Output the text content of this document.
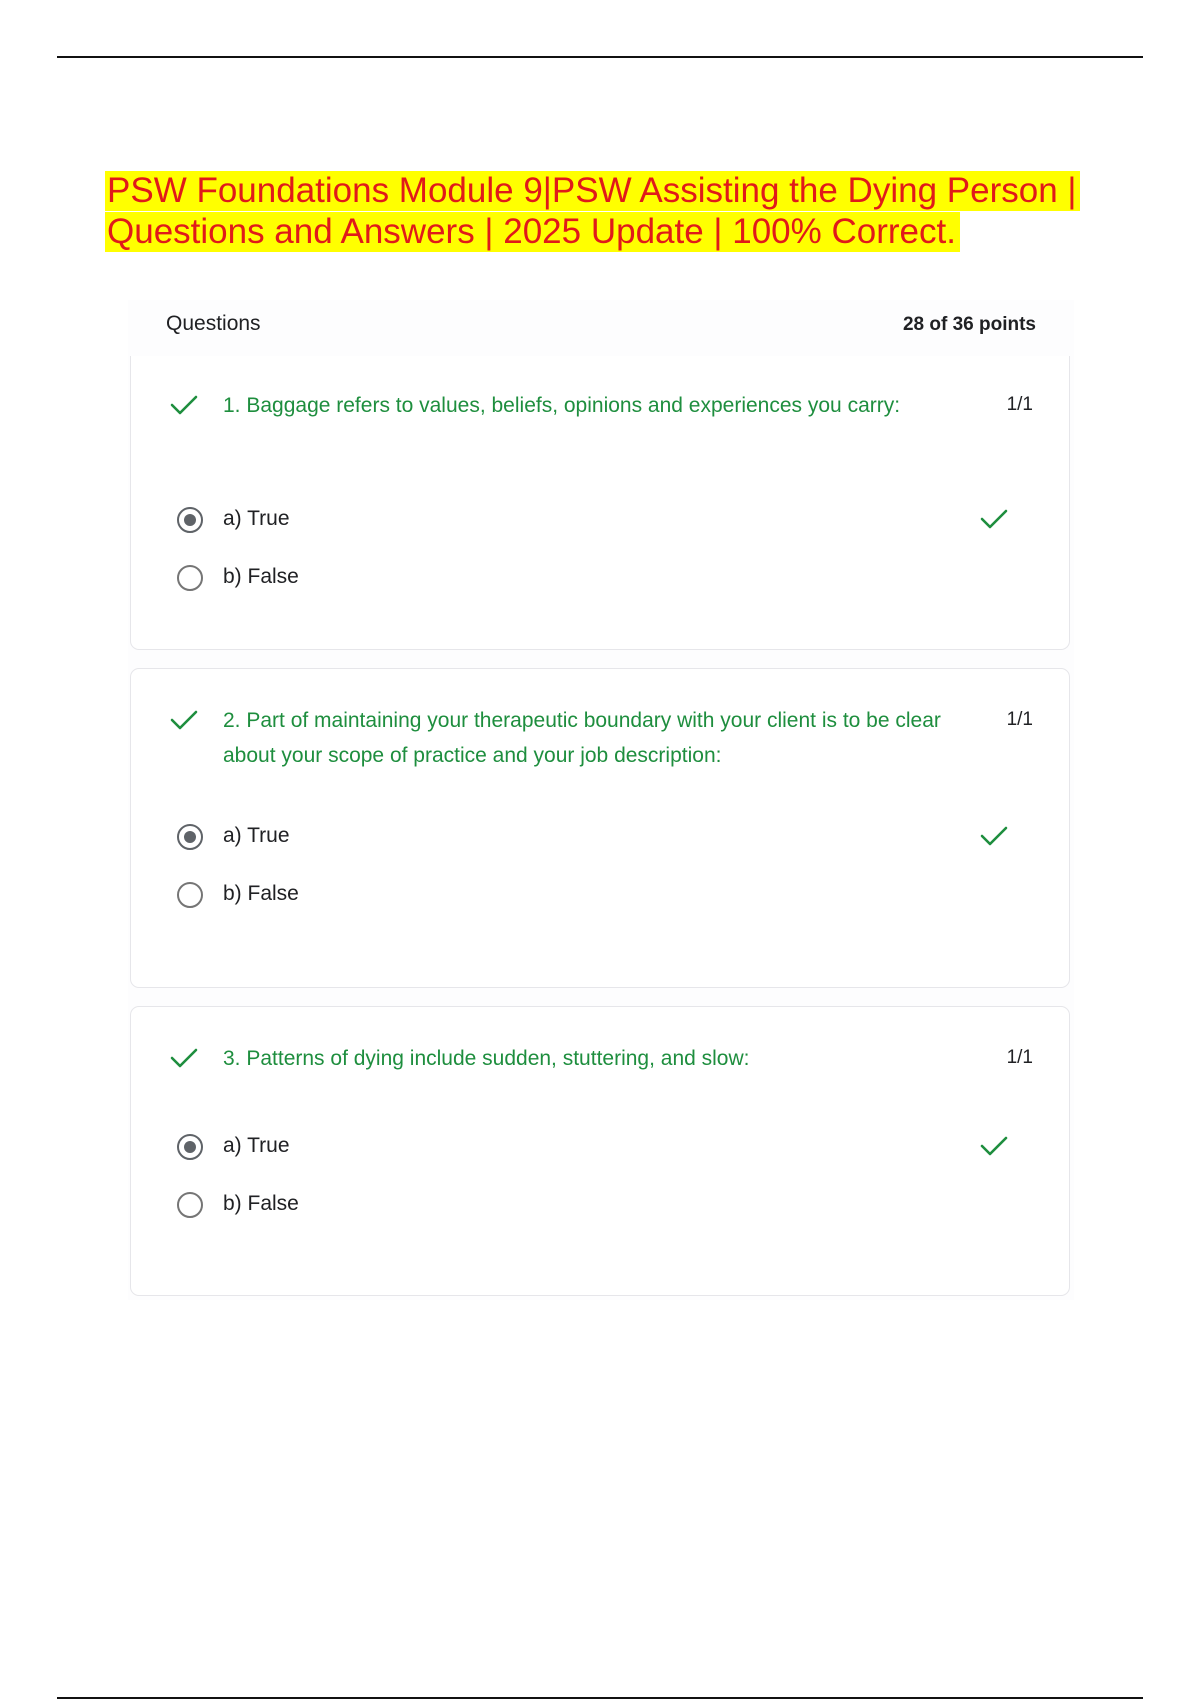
PSW Foundations Module 9|PSW Assisting the Dying Person |
Questions and Answers | 2025 Update | 100% Correct.
Questions	28 of 36 points
1. Baggage refers to values, beliefs, opinions and experiences you carry:	1/1
a) True
b) False
2. Part of maintaining your therapeutic boundary with your client is to be clear about your scope of practice and your job description:
1/1
a) True
b) False
3. Patterns of dying include sudden, stuttering, and slow:	1/1
a) True
b) False
